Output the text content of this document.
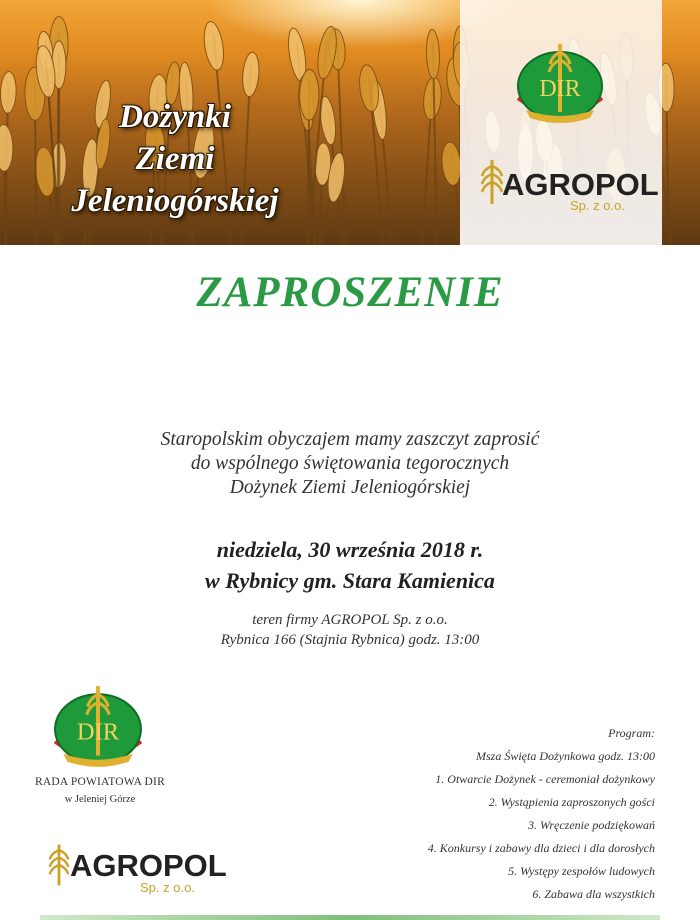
Dożynki
Ziemi
Jeleniogórskiej
DIR
AGROPOL
Sp. z o.o.
ZAPROSZENIE
Staropolskim obyczajem mamy zaszczyt zaprosić
do wspólnego świętowania tegorocznych
Dożynek Ziemi Jeleniogórskiej
niedziela, 30 września 2018 r.
w Rybnicy gm. Stara Kamienica
teren firmy AGROPOL Sp. z o.o.
Rybnica 166 (Stajnia Rybnica) godz. 13:00
DIR
RADA POWIATOWA DIR
w Jeleniej Górze
AGROPOL
Sp. z o.o.
Program:
Msza Święta Dożynkowa godz. 13:00
1. Otwarcie Dożynek - ceremoniał dożynkowy
2. Wystąpienia zaproszonych gości
3. Wręczenie podziękowań
4. Konkursy i zabawy dla dzieci i dla dorosłych
5. Występy zespołów ludowych
6. Zabawa dla wszystkich
